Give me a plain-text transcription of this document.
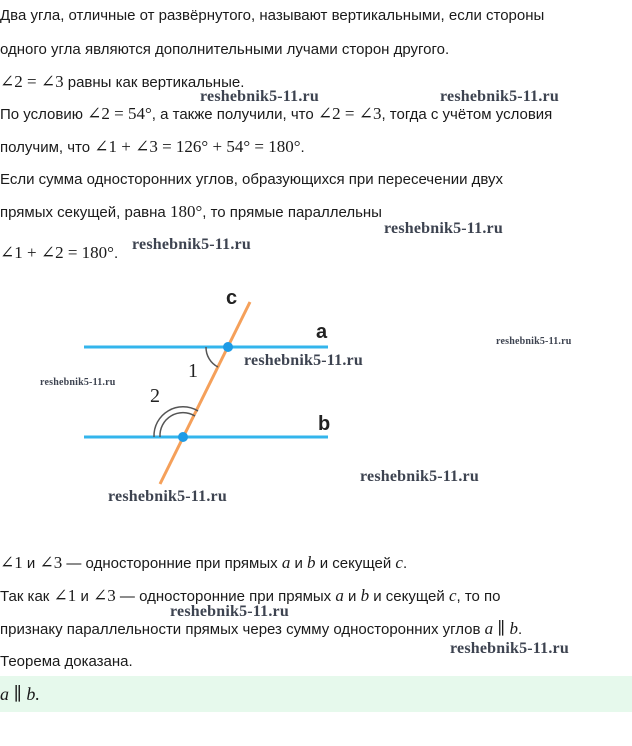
Два угла, отличные от развёрнутого, называют вертикальными, если стороны
одного угла являются дополнительными лучами сторон другого.
∠2 = ∠3 равны как вертикальные.
По условию ∠2 = 54°, а также получили, что ∠2 = ∠3, тогда с учётом условия
получим, что ∠1 + ∠3 = 126° + 54° = 180°.
Если сумма односторонних углов, образующихся при пересечении двух
прямых секущей, равна 180°, то прямые параллельны
∠1 + ∠2 = 180°.
c
a
b
1
2
∠1 и ∠3 — односторонние при прямых a и b и секущей c.
Так как ∠1 и ∠3 — односторонние при прямых a и b и секущей c, то по
признаку параллельности прямых через сумму односторонних углов a ∥ b.
Теорема доказана.
a ∥ b.
reshebnik5-11.ru	reshebnik5-11.ru
reshebnik5-11.ru
reshebnik5-11.ru
reshebnik5-11.ru
reshebnik5-11.ru
reshebnik5-11.ru
reshebnik5-11.ru
reshebnik5-11.ru
reshebnik5-11.ru
reshebnik5-11.ru
